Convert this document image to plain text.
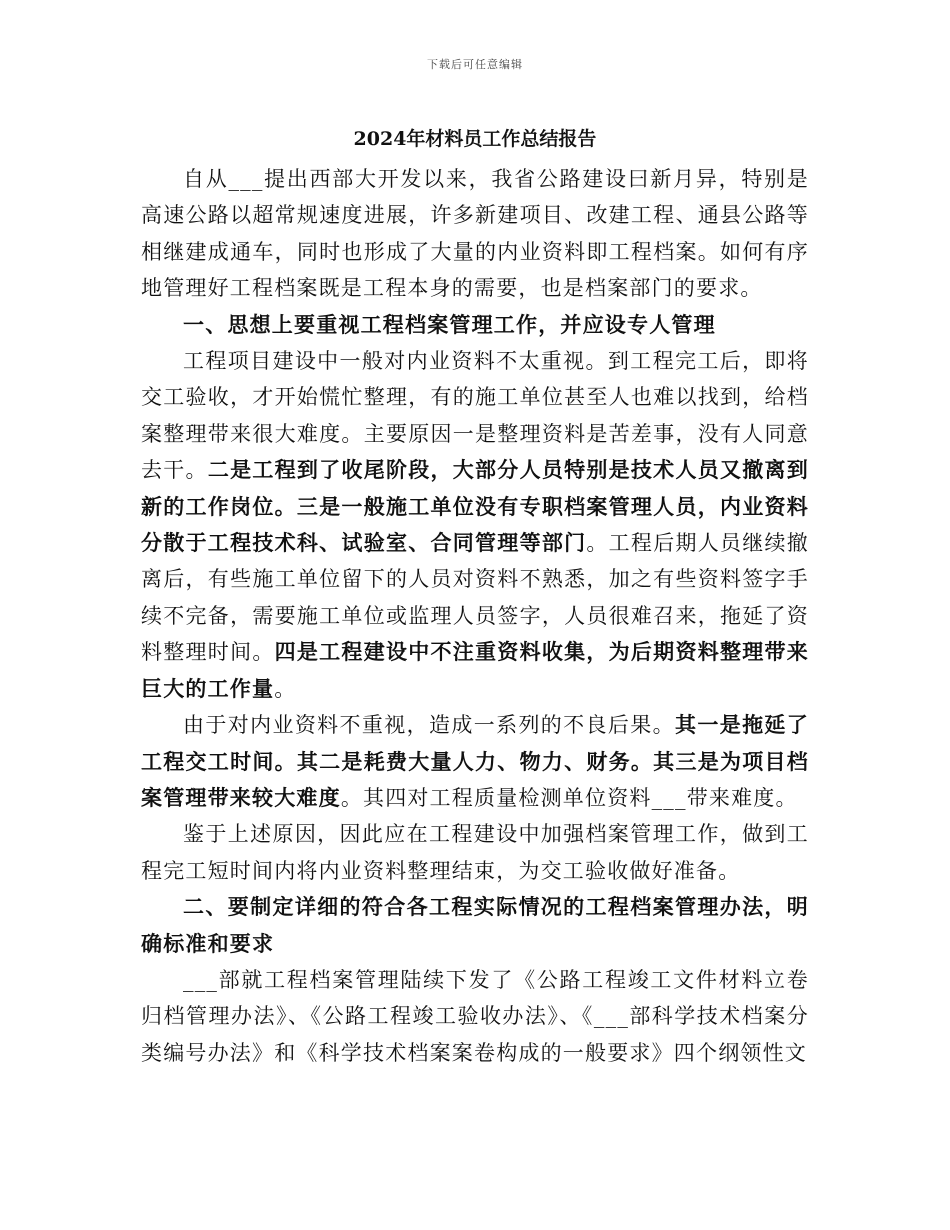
下载后可任意编辑
2024年材料员工作总结报告

自从___提出西部大开发以来，我省公路建设曰新月异，特别是高速公路以超常规速度进展，许多新建项目、改建工程、通县公路等相继建成通车，同时也形成了大量的内业资料即工程档案。如何有序地管理好工程档案既是工程本身的需要，也是档案部门的要求。

一、思想上要重视工程档案管理工作，并应设专人管理

工程项目建设中一般对内业资料不太重视。到工程完工后，即将交工验收，才开始慌忙整理，有的施工单位甚至人也难以找到，给档案整理带来很大难度。主要原因一是整理资料是苦差事，没有人同意去干。二是工程到了收尾阶段，大部分人员特别是技术人员又撤离到新的工作岗位。三是一般施工单位没有专职档案管理人员，内业资料分散于工程技术科、试验室、合同管理等部门。工程后期人员继续撤离后，有些施工单位留下的人员对资料不熟悉，加之有些资料签字手续不完备，需要施工单位或监理人员签字，人员很难召来，拖延了资料整理时间。四是工程建设中不注重资料收集，为后期资料整理带来巨大的工作量。

由于对内业资料不重视，造成一系列的不良后果。其一是拖延了工程交工时间。其二是耗费大量人力、物力、财务。其三是为项目档案管理带来较大难度。其四对工程质量检测单位资料___带来难度。

鉴于上述原因，因此应在工程建设中加强档案管理工作，做到工程完工短时间内将内业资料整理结束，为交工验收做好准备。

二、要制定详细的符合各工程实际情况的工程档案管理办法，明确标准和要求

___部就工程档案管理陆续下发了《公路工程竣工文件材料立卷归档管理办法》、《公路工程竣工验收办法》、《___部科学技术档案分类编号办法》和《科学技术档案案卷构成的一般要求》四个纲领性文
